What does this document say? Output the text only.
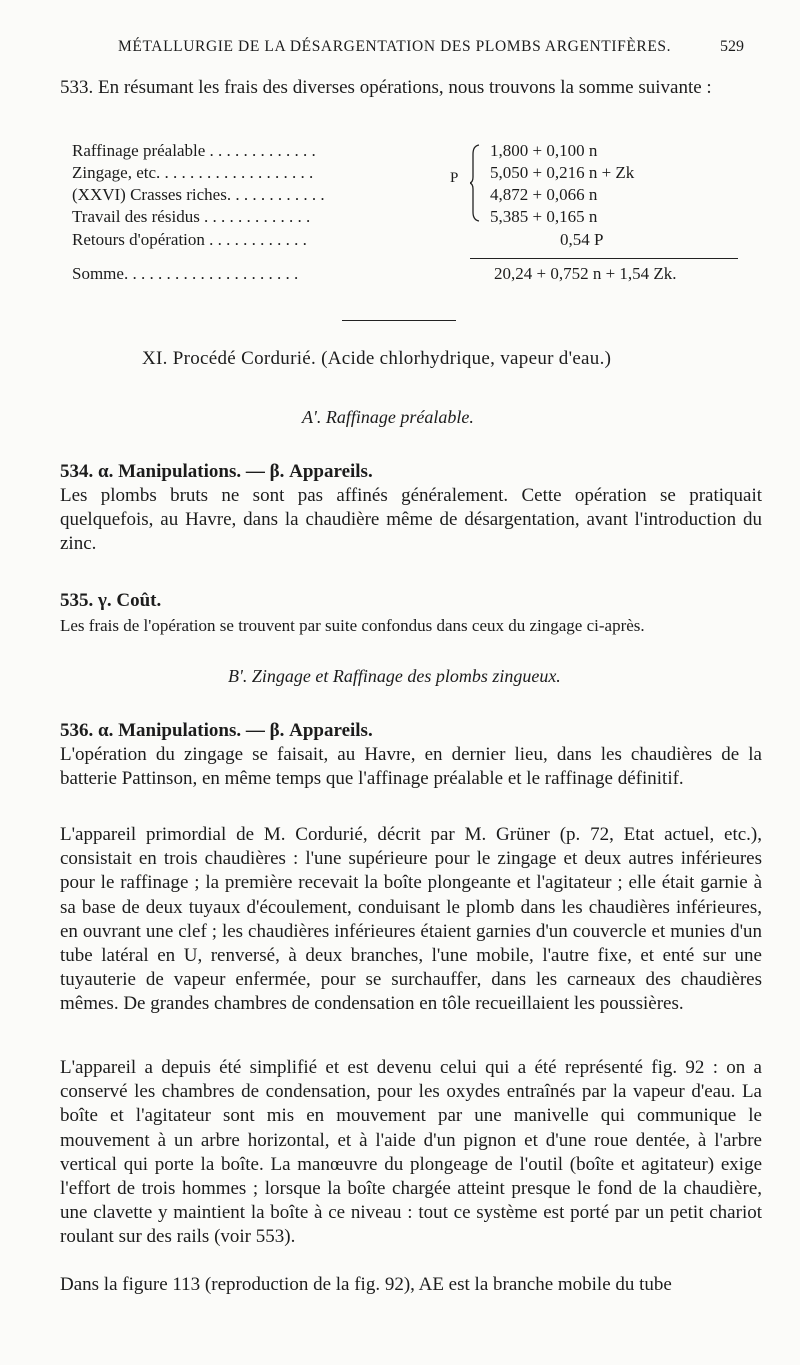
MÉTALLURGIE DE LA DÉSARGENTATION DES PLOMBS ARGENTIFÈRES.	529
533. En résumant les frais des diverses opérations, nous trouvons la somme suivante :
Raffinage préalable . . . . . . . . . . . . .
Zingage, etc. . . . . . . . . . . . . . . . . . .
(XXVI) Crasses riches. . . . . . . . . . . .
Travail des résidus . . . . . . . . . . . . .
Retours d'opération . . . . . . . . . . . .
P
1,800 + 0,100 n
5,050 + 0,216 n + Zk
4,872 + 0,066 n
5,385 + 0,165 n
0,54 P
Somme. . . . . . . . . . . . . . . . . . . . .	20,24 + 0,752 n + 1,54 Zk.
XI. Procédé Cordurié. (Acide chlorhydrique, vapeur d'eau.)
A'. Raffinage préalable.
534. α. Manipulations. — β. Appareils.
Les plombs bruts ne sont pas affinés généralement. Cette opération se pratiquait quelquefois, au Havre, dans la chaudière même de désargentation, avant l'introduction du zinc.
535. γ. Coût.
Les frais de l'opération se trouvent par suite confondus dans ceux du zingage ci-après.
B'. Zingage et Raffinage des plombs zingueux.
536. α. Manipulations. — β. Appareils.
L'opération du zingage se faisait, au Havre, en dernier lieu, dans les chaudières de la batterie Pattinson, en même temps que l'affinage préalable et le raffinage définitif.
L'appareil primordial de M. Cordurié, décrit par M. Grüner (p. 72, Etat actuel, etc.), consistait en trois chaudières : l'une supérieure pour le zingage et deux autres inférieures pour le raffinage ; la première recevait la boîte plongeante et l'agitateur ; elle était garnie à sa base de deux tuyaux d'écoulement, conduisant le plomb dans les chaudières inférieures, en ouvrant une clef ; les chaudières inférieures étaient garnies d'un couvercle et munies d'un tube latéral en U, renversé, à deux branches, l'une mobile, l'autre fixe, et enté sur une tuyauterie de vapeur enfermée, pour se surchauffer, dans les carneaux des chaudières mêmes. De grandes chambres de condensation en tôle recueillaient les poussières.
L'appareil a depuis été simplifié et est devenu celui qui a été représenté fig. 92 : on a conservé les chambres de condensation, pour les oxydes entraînés par la vapeur d'eau. La boîte et l'agitateur sont mis en mouvement par une manivelle qui communique le mouvement à un arbre horizontal, et à l'aide d'un pignon et d'une roue dentée, à l'arbre vertical qui porte la boîte. La manœuvre du plongeage de l'outil (boîte et agitateur) exige l'effort de trois hommes ; lorsque la boîte chargée atteint presque le fond de la chaudière, une clavette y maintient la boîte à ce niveau : tout ce système est porté par un petit chariot roulant sur des rails (voir 553).
Dans la figure 113 (reproduction de la fig. 92), AE est la branche mobile du tube
